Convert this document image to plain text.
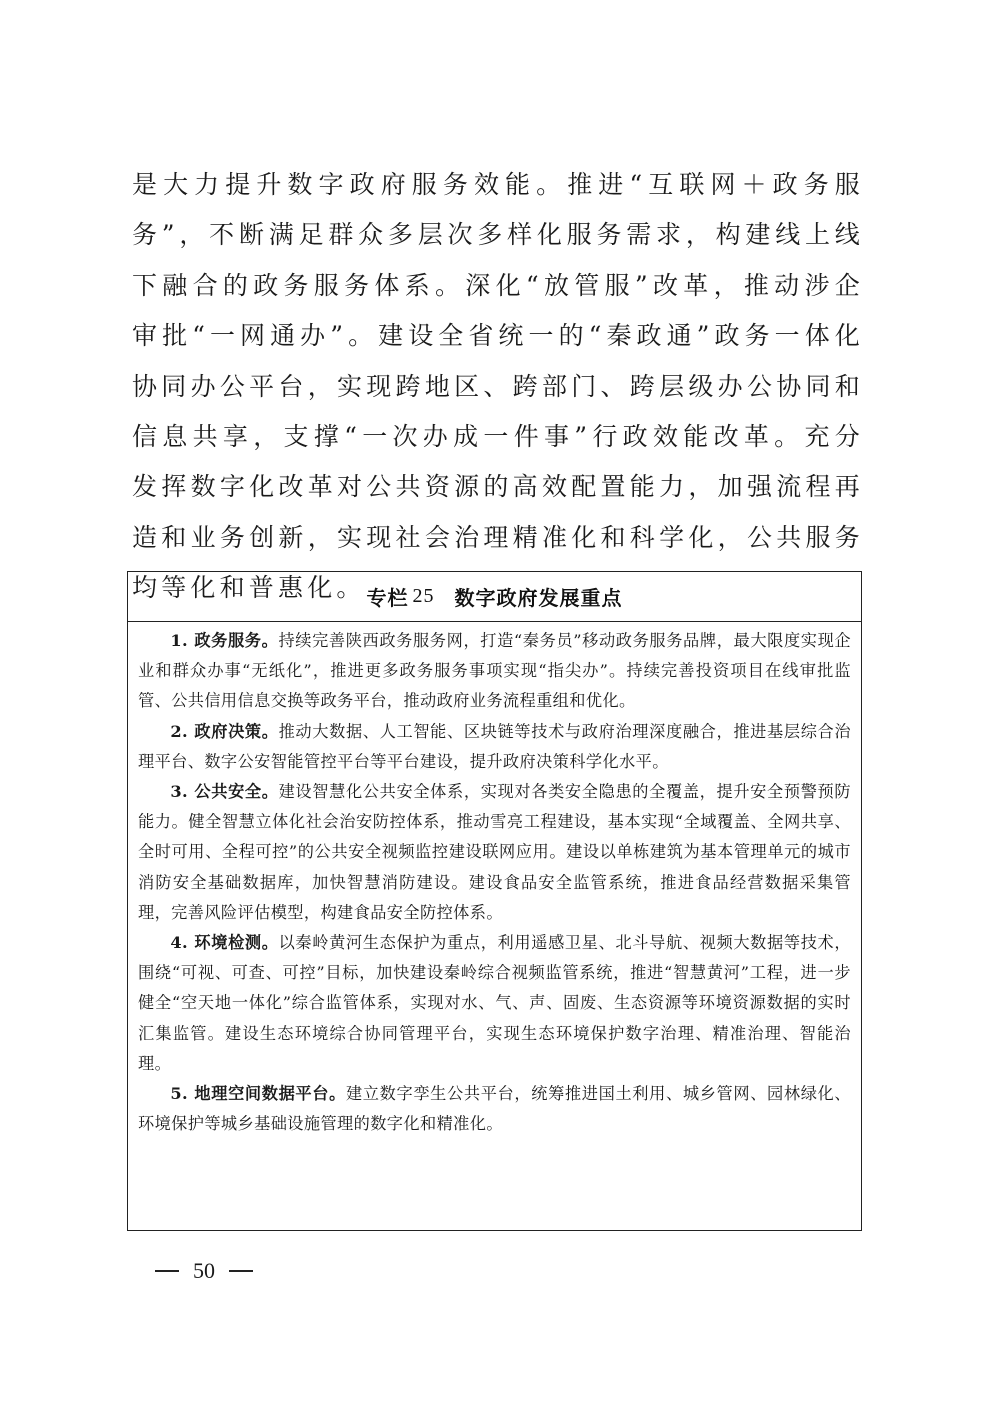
是大力提升数字政府服务效能。推进“互联网＋政务服务”，不断满足群众多层次多样化服务需求，构建线上线下融合的政务服务体系。深化“放管服”改革，推动涉企审批“一网通办”。建设全省统一的“秦政通”政务一体化协同办公平台，实现跨地区、跨部门、跨层级办公协同和信息共享，支撑“一次办成一件事”行政效能改革。充分发挥数字化改革对公共资源的高效配置能力，加强流程再造和业务创新，实现社会治理精准化和科学化，公共服务均等化和普惠化。 专栏 25 数字政府发展重点

1. 政务服务。持续完善陕西政务服务网，打造“秦务员”移动政务服务品牌，最大限度实现企业和群众办事“无纸化”，推进更多政务服务事项实现“指尖办”。持续完善投资项目在线审批监管、公共信用信息交换等政务平台，推动政府业务流程重组和优化。

2. 政府决策。推动大数据、人工智能、区块链等技术与政府治理深度融合，推进基层综合治理平台、数字公安智能管控平台等平台建设，提升政府决策科学化水平。

3. 公共安全。建设智慧化公共安全体系，实现对各类安全隐患的全覆盖，提升安全预警预防能力。健全智慧立体化社会治安防控体系，推动雪亮工程建设，基本实现“全域覆盖、全网共享、全时可用、全程可控”的公共安全视频监控建设联网应用。建设以单栋建筑为基本管理单元的城市消防安全基础数据库，加快智慧消防建设。建设食品安全监管系统，推进食品经营数据采集管理，完善风险评估模型，构建食品安全防控体系。

4. 环境检测。以秦岭黄河生态保护为重点，利用遥感卫星、北斗导航、视频大数据等技术，围绕“可视、可查、可控”目标，加快建设秦岭综合视频监管系统，推进“智慧黄河”工程，进一步健全“空天地一体化”综合监管体系，实现对水、气、声、固废、生态资源等环境资源数据的实时汇集监管。建设生态环境综合协同管理平台，实现生态环境保护数字治理、精准治理、智能治理。

5. 地理空间数据平台。建立数字孪生公共平台，统筹推进国土利用、城乡管网、园林绿化、环境保护等城乡基础设施管理的数字化和精准化。

50
